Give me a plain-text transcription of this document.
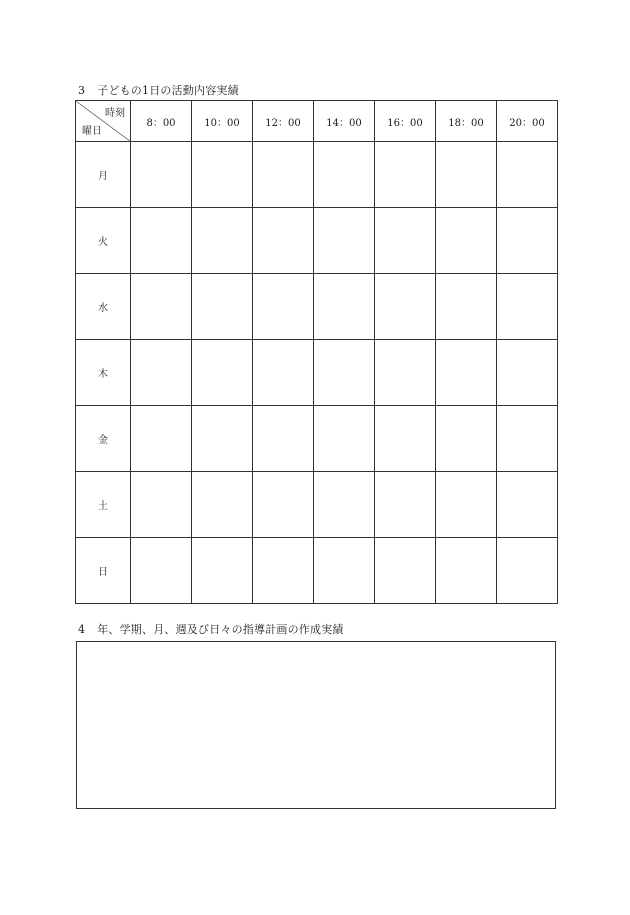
3 子どもの1日の活動内容実績
時刻
曜日	8：00	10：00	12：00	14：00	16：00	18：00	20：00
月							
火							
水							
木							
金							
土							
日							
4 年、学期、月、週及び日々の指導計画の作成実績
